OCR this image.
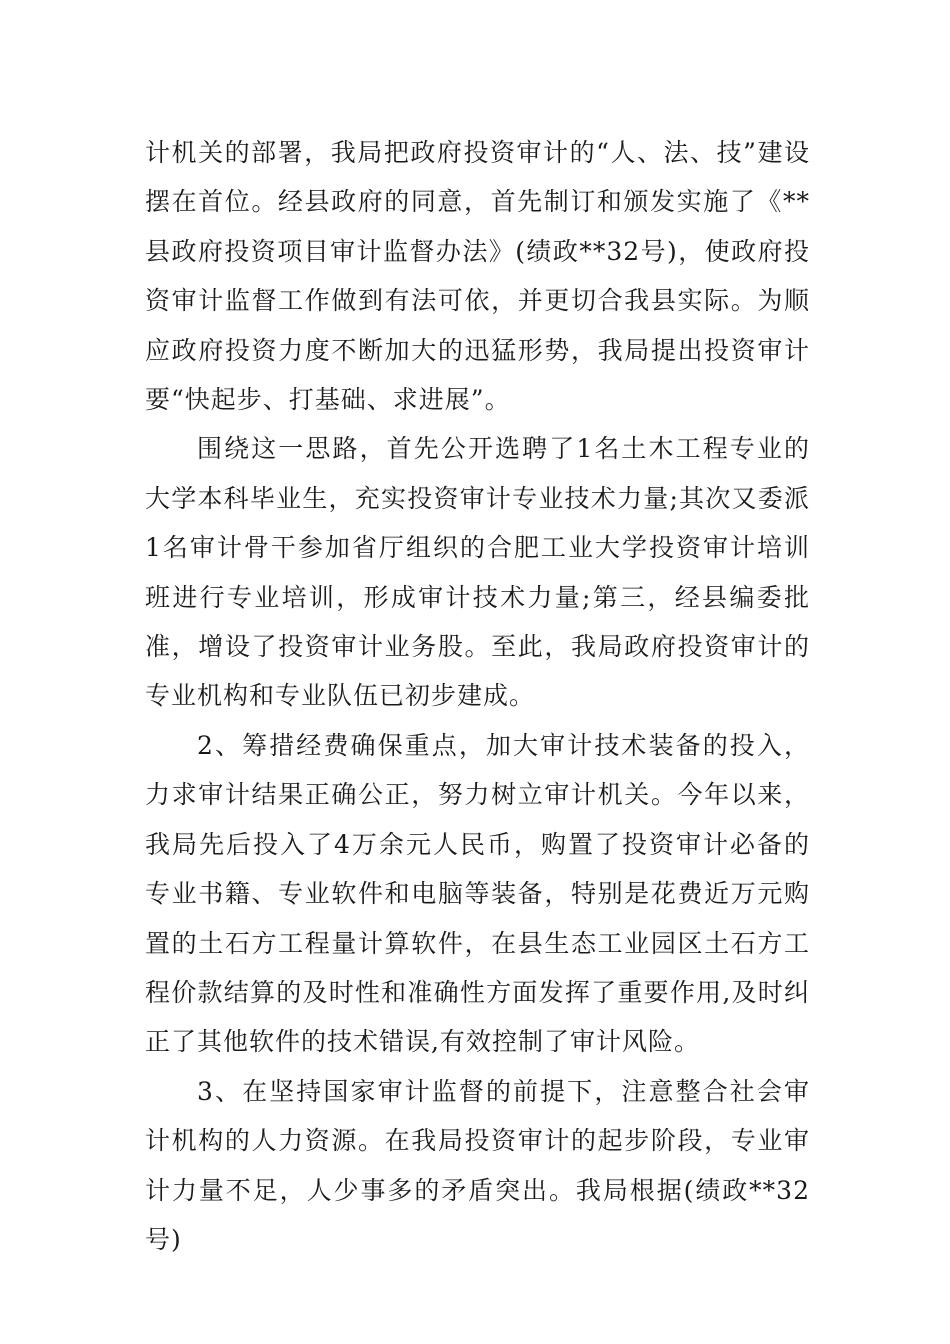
计机关的部署，我局把政府投资审计的“人、法、技”建设摆在首位。经县政府的同意，首先制订和颁发实施了《**县政府投资项目审计监督办法》(绩政**32号)，使政府投资审计监督工作做到有法可依，并更切合我县实际。为顺应政府投资力度不断加大的迅猛形势，我局提出投资审计要“快起步、打基础、求进展”。

围绕这一思路，首先公开选聘了1名土木工程专业的大学本科毕业生，充实投资审计专业技术力量;其次又委派1名审计骨干参加省厅组织的合肥工业大学投资审计培训班进行专业培训，形成审计技术力量;第三，经县编委批准，增设了投资审计业务股。至此，我局政府投资审计的专业机构和专业队伍已初步建成。

2、筹措经费确保重点，加大审计技术装备的投入，力求审计结果正确公正，努力树立审计机关。今年以来，我局先后投入了4万余元人民币，购置了投资审计必备的专业书籍、专业软件和电脑等装备，特别是花费近万元购置的土石方工程量计算软件，在县生态工业园区土石方工程价款结算的及时性和准确性方面发挥了重要作用,及时纠正了其他软件的技术错误,有效控制了审计风险。

3、在坚持国家审计监督的前提下，注意整合社会审计机构的人力资源。在我局投资审计的起步阶段，专业审计力量不足，人少事多的矛盾突出。我局根据(绩政**32号)
